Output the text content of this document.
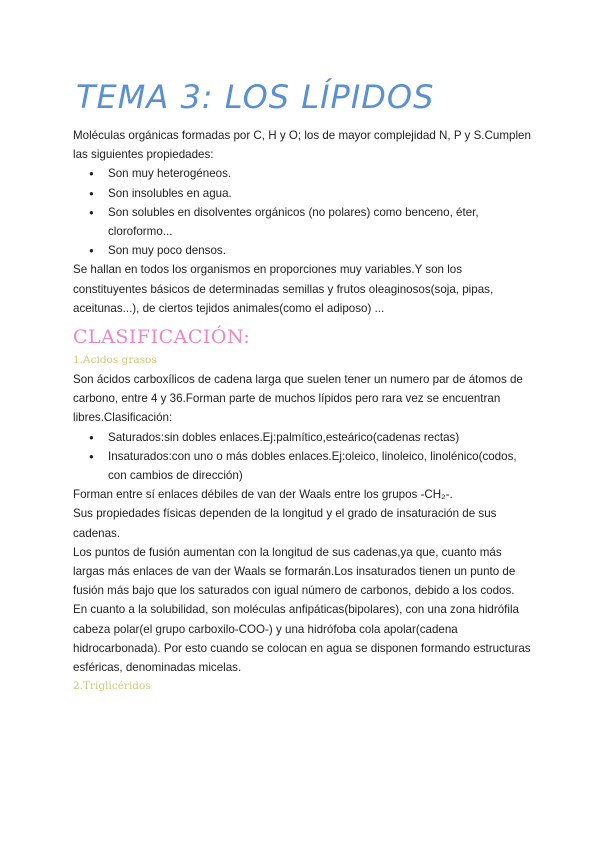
TEMA 3: LOS LÍPIDOS

Moléculas orgánicas formadas por C, H y O; los de mayor complejidad N, P y S.Cumplen las siguientes propiedades:

● Son muy heterogéneos.
● Son insolubles en agua.
● Son solubles en disolventes orgánicos (no polares) como benceno, éter, cloroformo...
● Son muy poco densos.

Se hallan en todos los organismos en proporciones muy variables.Y son los constituyentes básicos de determinadas semillas y frutos oleaginosos(soja, pipas, aceitunas...), de ciertos tejidos animales(como el adiposo) ...

CLASIFICACIÓN:
1.Ácidos grasos

Son ácidos carboxílicos de cadena larga que suelen tener un numero par de átomos de carbono, entre 4 y 36.Forman parte de muchos lípidos pero rara vez se encuentran libres.Clasificación:

● Saturados:sin dobles enlaces.Ej:palmítico,esteárico(cadenas rectas)
● Insaturados:con uno o más dobles enlaces.Ej:oleico, linoleico, linolénico(codos, con cambios de dirección)

Forman entre sí enlaces débiles de van der Waals entre los grupos -CH₂-.

Sus propiedades físicas dependen de la longitud y el grado de insaturación de sus cadenas.

Los puntos de fusión aumentan con la longitud de sus cadenas,ya que, cuanto más largas más enlaces de van der Waals se formarán.Los insaturados tienen un punto de fusión más bajo que los saturados con igual número de carbonos, debido a los codos.

En cuanto a la solubilidad, son moléculas anfipáticas(bipolares), con una zona hidrófila cabeza polar(el grupo carboxilo-COO-) y una hidrófoba cola apolar(cadena hidrocarbonada). Por esto cuando se colocan en agua se disponen formando estructuras esféricas, denominadas micelas.

2.Triglicéridos
